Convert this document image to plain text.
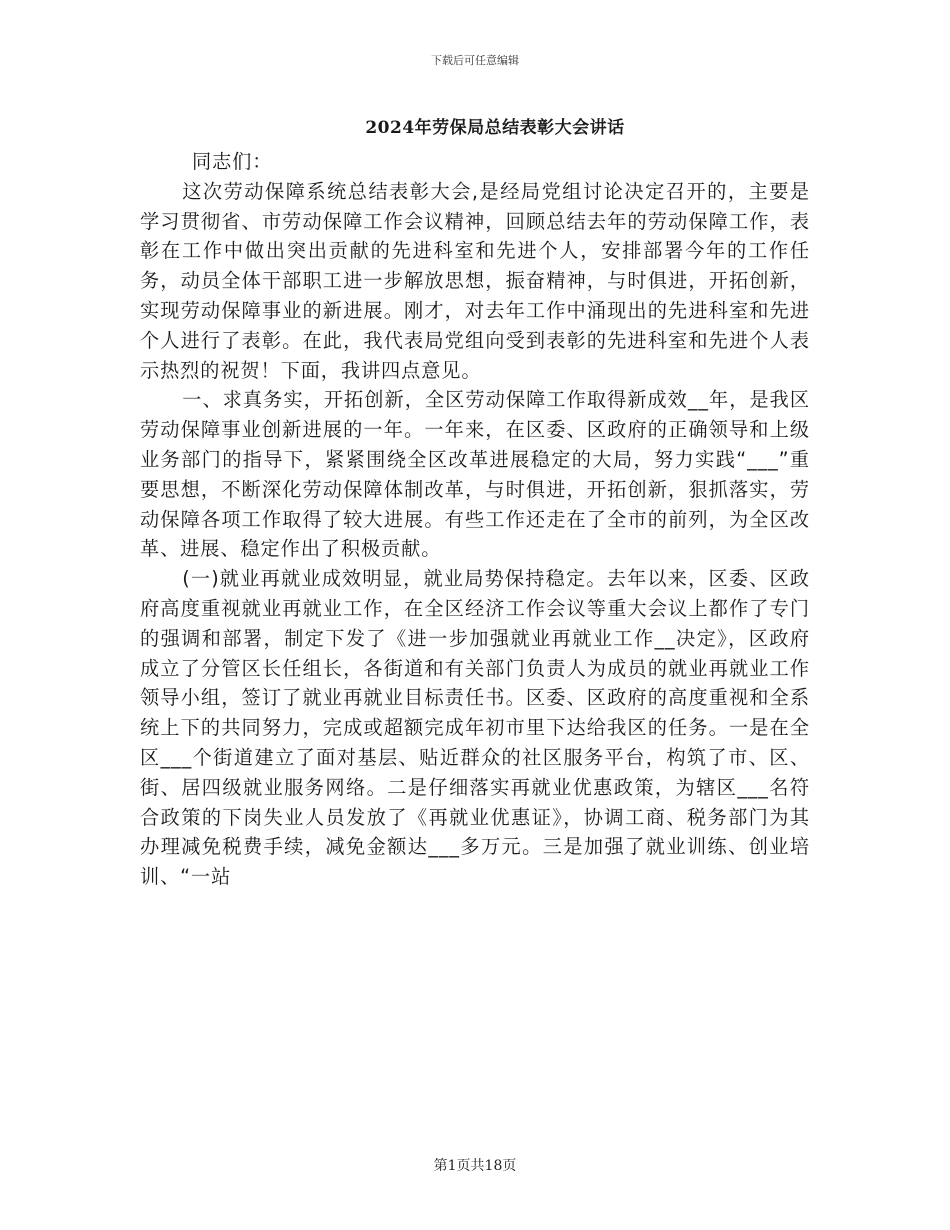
下载后可任意编辑
2024年劳保局总结表彰大会讲话
同志们：

这次劳动保障系统总结表彰大会,是经局党组讨论决定召开的，主要是学习贯彻省、市劳动保障工作会议精神，回顾总结去年的劳动保障工作，表彰在工作中做出突出贡献的先进科室和先进个人，安排部署今年的工作任务，动员全体干部职工进一步解放思想，振奋精神，与时俱进，开拓创新，实现劳动保障事业的新进展。刚才，对去年工作中涌现出的先进科室和先进个人进行了表彰。在此，我代表局党组向受到表彰的先进科室和先进个人表示热烈的祝贺！下面，我讲四点意见。

一、求真务实，开拓创新，全区劳动保障工作取得新成效__年，是我区劳动保障事业创新进展的一年。一年来，在区委、区政府的正确领导和上级业务部门的指导下，紧紧围绕全区改革进展稳定的大局，努力实践“___”重要思想，不断深化劳动保障体制改革，与时俱进，开拓创新，狠抓落实，劳动保障各项工作取得了较大进展。有些工作还走在了全市的前列，为全区改革、进展、稳定作出了积极贡献。

(一)就业再就业成效明显，就业局势保持稳定。去年以来，区委、区政府高度重视就业再就业工作，在全区经济工作会议等重大会议上都作了专门的强调和部署，制定下发了《进一步加强就业再就业工作__决定》，区政府成立了分管区长任组长，各街道和有关部门负责人为成员的就业再就业工作领导小组，签订了就业再就业目标责任书。区委、区政府的高度重视和全系统上下的共同努力，完成或超额完成年初市里下达给我区的任务。一是在全区___个街道建立了面对基层、贴近群众的社区服务平台，构筑了市、区、街、居四级就业服务网络。二是仔细落实再就业优惠政策，为辖区___名符合政策的下岗失业人员发放了《再就业优惠证》，协调工商、税务部门为其办理减免税费手续，减免金额达___多万元。三是加强了就业训练、创业培训、“一站

第1页共18页
